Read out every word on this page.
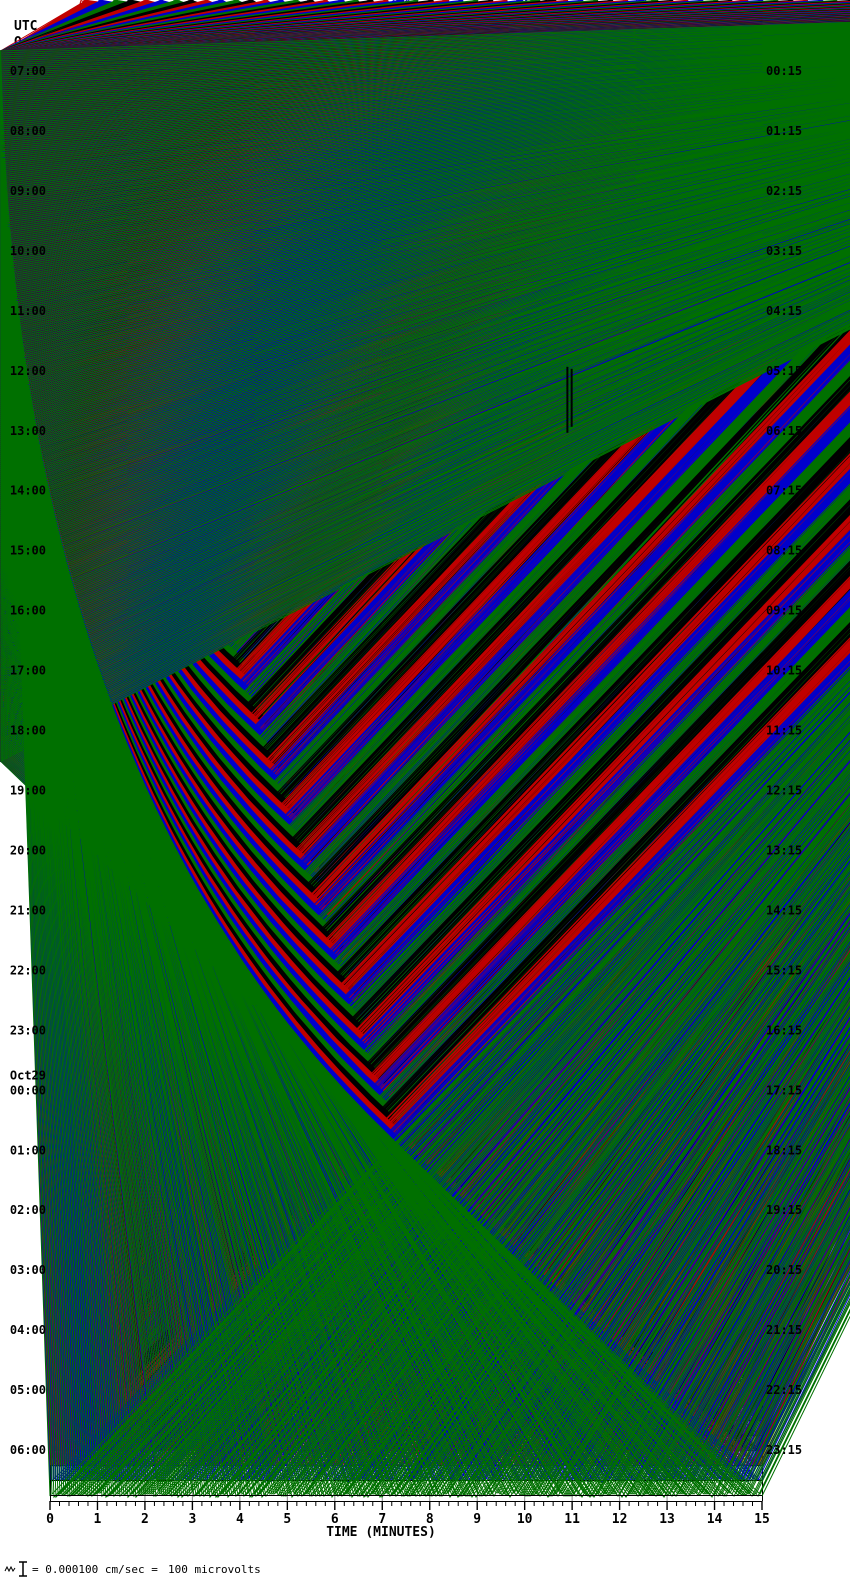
UTC
Oct28,2025
PDT
Oct28,2025
MCV EHZ NC
(Convict Lake )
= 0.000100 cm/sec
0	1	2	3	4	5	6	7	8	9	10 11 12 13 14 15
07:00
08:00
09:00
10:00
11:00
12:00
13:00
14:00
15:00
16:00
17:00
18:00
19:00
20:00
21:00
22:00
23:00
Oct29
00:00
01:00
02:00
03:00
04:00
05:00
06:00
00:15
01:15
02:15
03:15
04:15
05:15
06:15
07:15
08:15
09:15
10:15
11:15
12:15
13:15
14:15
15:15
16:15
17:15
18:15
19:15
20:15
21:15
22:15
23:15
TIME (MINUTES)
= 0.000100 cm/sec = 100 microvolts
